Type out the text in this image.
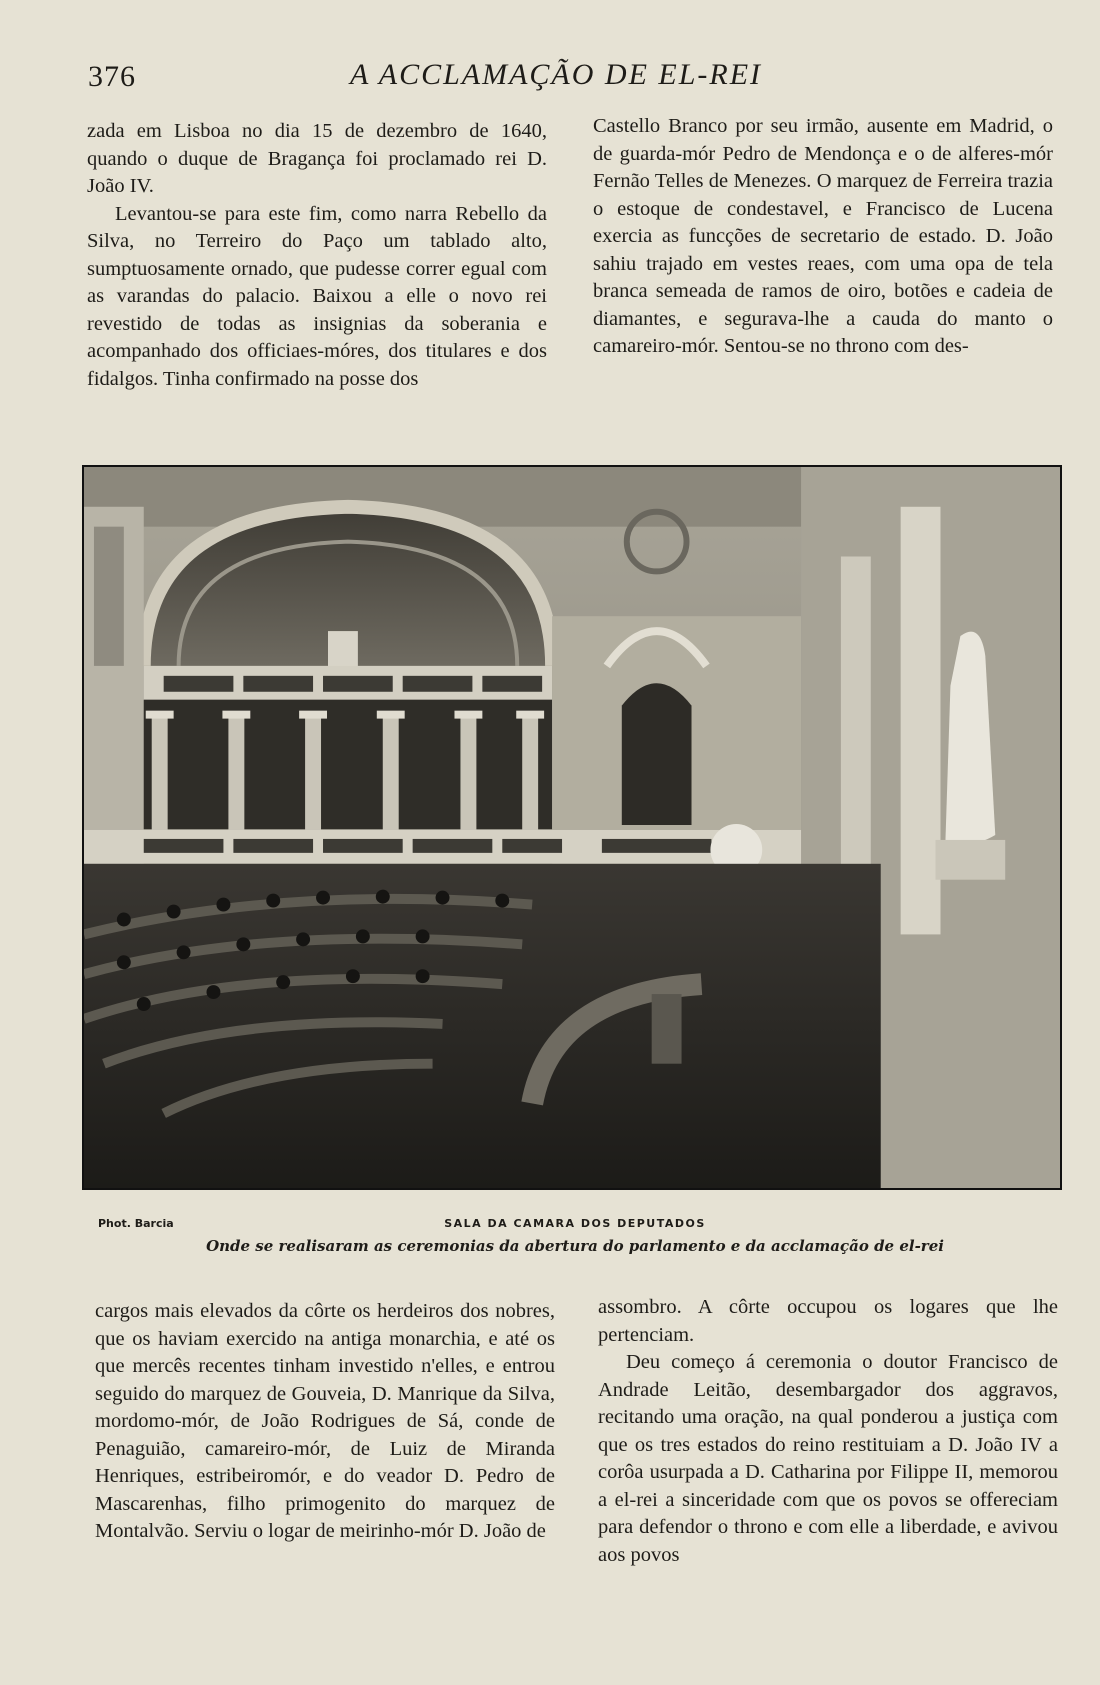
376	A ACCLAMAÇÃO DE EL-REI

zada em Lisboa no dia 15 de dezembro de 1640, quando o duque de Bragança foi proclamado rei D. João IV.

Levantou-se para este fim, como narra Rebello da Silva, no Terreiro do Paço um tablado alto, sumptuosamente ornado, que pudesse correr egual com as varandas do palacio. Baixou a elle o novo rei revestido de todas as insignias da soberania e acompanhado dos officiaes-móres, dos titulares e dos fidalgos. Tinha confirmado na posse dos

Castello Branco por seu irmão, ausente em Madrid, o de guarda-mór Pedro de Mendonça e o de alferes-mór Fernão Telles de Menezes. O marquez de Ferreira trazia o estoque de condestavel, e Francisco de Lucena exercia as funcções de secretario de estado. D. João sahiu trajado em vestes reaes, com uma opa de tela branca semeada de ramos de oiro, botões e cadeia de diamantes, e segurava-lhe a cauda do manto o camareiro-mór. Sentou-se no throno com des-

Phot. Barcia	SALA DA CAMARA DOS DEPUTADOS
Onde se realisaram as ceremonias da abertura do parlamento e da acclamação de el-rei

cargos mais elevados da côrte os herdeiros dos nobres, que os haviam exercido na antiga monarchia, e até os que mercês recentes tinham investido n'elles, e entrou seguido do marquez de Gouveia, D. Manrique da Silva, mordomo-mór, de João Rodrigues de Sá, conde de Penaguião, camareiro-mór, de Luiz de Miranda Henriques, estribeiromór, e do veador D. Pedro de Mascarenhas, filho primogenito do marquez de Montalvão. Serviu o logar de meirinho-mór D. João de

assombro. A côrte occupou os logares que lhe pertenciam.

Deu começo á ceremonia o doutor Francisco de Andrade Leitão, desembargador dos aggravos, recitando uma oração, na qual ponderou a justiça com que os tres estados do reino restituiam a D. João IV a corôa usurpada a D. Catharina por Filippe II, memorou a el-rei a sinceridade com que os povos se offereciam para defendor o throno e com elle a liberdade, e avivou aos povos
